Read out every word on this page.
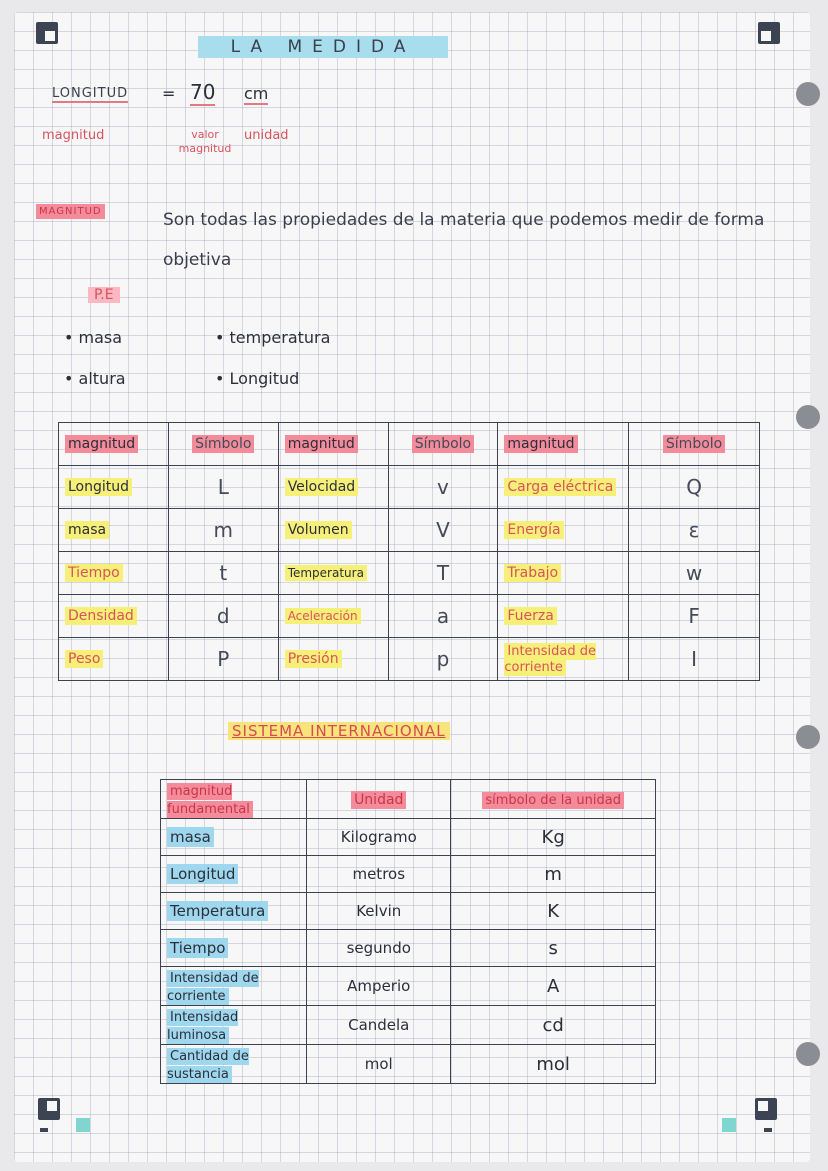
LA MEDIDA
LONGITUD = 70 cm
magnitud	valor magnitud
unidad
MAGNITUD	Son todas las propiedades de la materia que podemos medir de forma objetiva
P.E
• masa
• altura
• temperatura
• Longitud
magnitud	Símbolo	magnitud	Símbolo	magnitud	Símbolo
Longitud	L	Velocidad	v	Carga eléctrica	Q
masa	m	Volumen	V	Energía	ε
Tiempo	t	Temperatura	T	Trabajo	w
Densidad	d	Aceleración	a	Fuerza	F
Peso	P	Presión	p	Intensidad de corriente	I
SISTEMA INTERNACIONAL
magnitud fundamental	Unidad	símbolo de la unidad
masa	Kilogramo	Kg
Longitud	metros	m
Temperatura	Kelvin	K
Tiempo	segundo	s
Intensidad de corriente	Amperio	A
Intensidad luminosa	Candela	cd
Cantidad de sustancia	mol	mol
